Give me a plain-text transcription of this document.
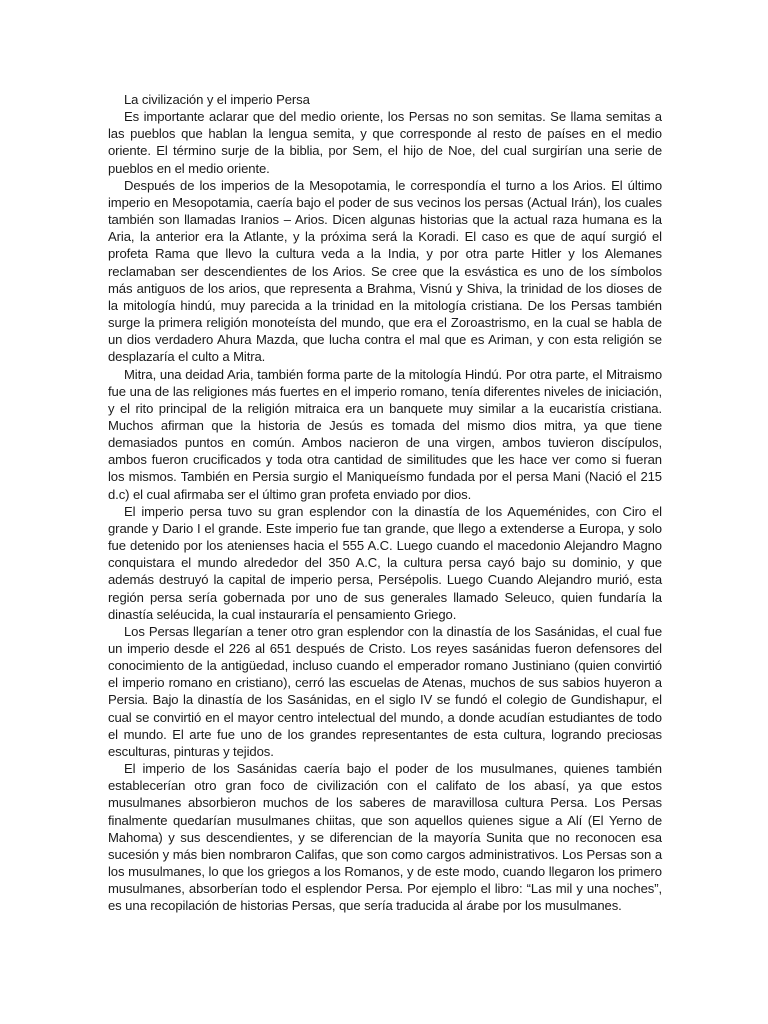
La civilización y el imperio Persa

Es importante aclarar que del medio oriente, los Persas no son semitas. Se llama semitas a las pueblos que hablan la lengua semita, y que corresponde al resto de países en el medio oriente. El término surje de la biblia, por Sem, el hijo de Noe, del cual surgirían una serie de pueblos en el medio oriente.

Después de los imperios de la Mesopotamia, le correspondía el turno a los Arios. El último imperio en Mesopotamia, caería bajo el poder de sus vecinos los persas (Actual Irán), los cuales también son llamadas Iranios – Arios. Dicen algunas historias que la actual raza humana es la Aria, la anterior era la Atlante, y la próxima será la Koradi. El caso es que de aquí surgió el profeta Rama que llevo la cultura veda a la India, y por otra parte Hitler y los Alemanes reclamaban ser descendientes de los Arios. Se cree que la esvástica es uno de los símbolos más antiguos de los arios, que representa a Brahma, Visnú y Shiva, la trinidad de los dioses de la mitología hindú, muy parecida a la trinidad en la mitología cristiana. De los Persas también surge la primera religión monoteísta del mundo, que era el Zoroastrismo, en la cual se habla de un dios verdadero Ahura Mazda, que lucha contra el mal que es Ariman, y con esta religión se desplazaría el culto a Mitra.

Mitra, una deidad Aria, también forma parte de la mitología Hindú. Por otra parte, el Mitraismo fue una de las religiones más fuertes en el imperio romano, tenía diferentes niveles de iniciación, y el rito principal de la religión mitraica era un banquete muy similar a la eucaristía cristiana. Muchos afirman que la historia de Jesús es tomada del mismo dios mitra, ya que tiene demasiados puntos en común. Ambos nacieron de una virgen, ambos tuvieron discípulos, ambos fueron crucificados y toda otra cantidad de similitudes que les hace ver como si fueran los mismos. También en Persia surgio el Maniqueísmo fundada por el persa Mani (Nació el 215 d.c) el cual afirmaba ser el último gran profeta enviado por dios.

El imperio persa tuvo su gran esplendor con la dinastía de los Aqueménides, con Ciro el grande y Dario I el grande. Este imperio fue tan grande, que llego a extenderse a Europa, y solo fue detenido por los atenienses hacia el 555 A.C. Luego cuando el macedonio Alejandro Magno conquistara el mundo alrededor del 350 A.C, la cultura persa cayó bajo su dominio, y que además destruyó la capital de imperio persa, Persépolis. Luego Cuando Alejandro murió, esta región persa sería gobernada por uno de sus generales llamado Seleuco, quien fundaría la dinastía seléucida, la cual instauraría el pensamiento Griego.

Los Persas llegarían a tener otro gran esplendor con la dinastía de los Sasánidas, el cual fue un imperio desde el 226 al 651 después de Cristo. Los reyes sasánidas fueron defensores del conocimiento de la antigüedad, incluso cuando el emperador romano Justiniano (quien convirtió el imperio romano en cristiano), cerró las escuelas de Atenas, muchos de sus sabios huyeron a Persia. Bajo la dinastía de los Sasánidas, en el siglo IV se fundó el colegio de Gundishapur, el cual se convirtió en el mayor centro intelectual del mundo, a donde acudían estudiantes de todo el mundo. El arte fue uno de los grandes representantes de esta cultura, logrando preciosas esculturas, pinturas y tejidos.

El imperio de los Sasánidas caería bajo el poder de los musulmanes, quienes también establecerían otro gran foco de civilización con el califato de los abasí, ya que estos musulmanes absorbieron muchos de los saberes de maravillosa cultura Persa. Los Persas finalmente quedarían musulmanes chiitas, que son aquellos quienes sigue a Alí (El Yerno de Mahoma) y sus descendientes, y se diferencian de la mayoría Sunita que no reconocen esa sucesión y más bien nombraron Califas, que son como cargos administrativos. Los Persas son a los musulmanes, lo que los griegos a los Romanos, y de este modo, cuando llegaron los primero musulmanes, absorberían todo el esplendor Persa. Por ejemplo el libro: “Las mil y una noches”, es una recopilación de historias Persas, que sería traducida al árabe por los musulmanes.
